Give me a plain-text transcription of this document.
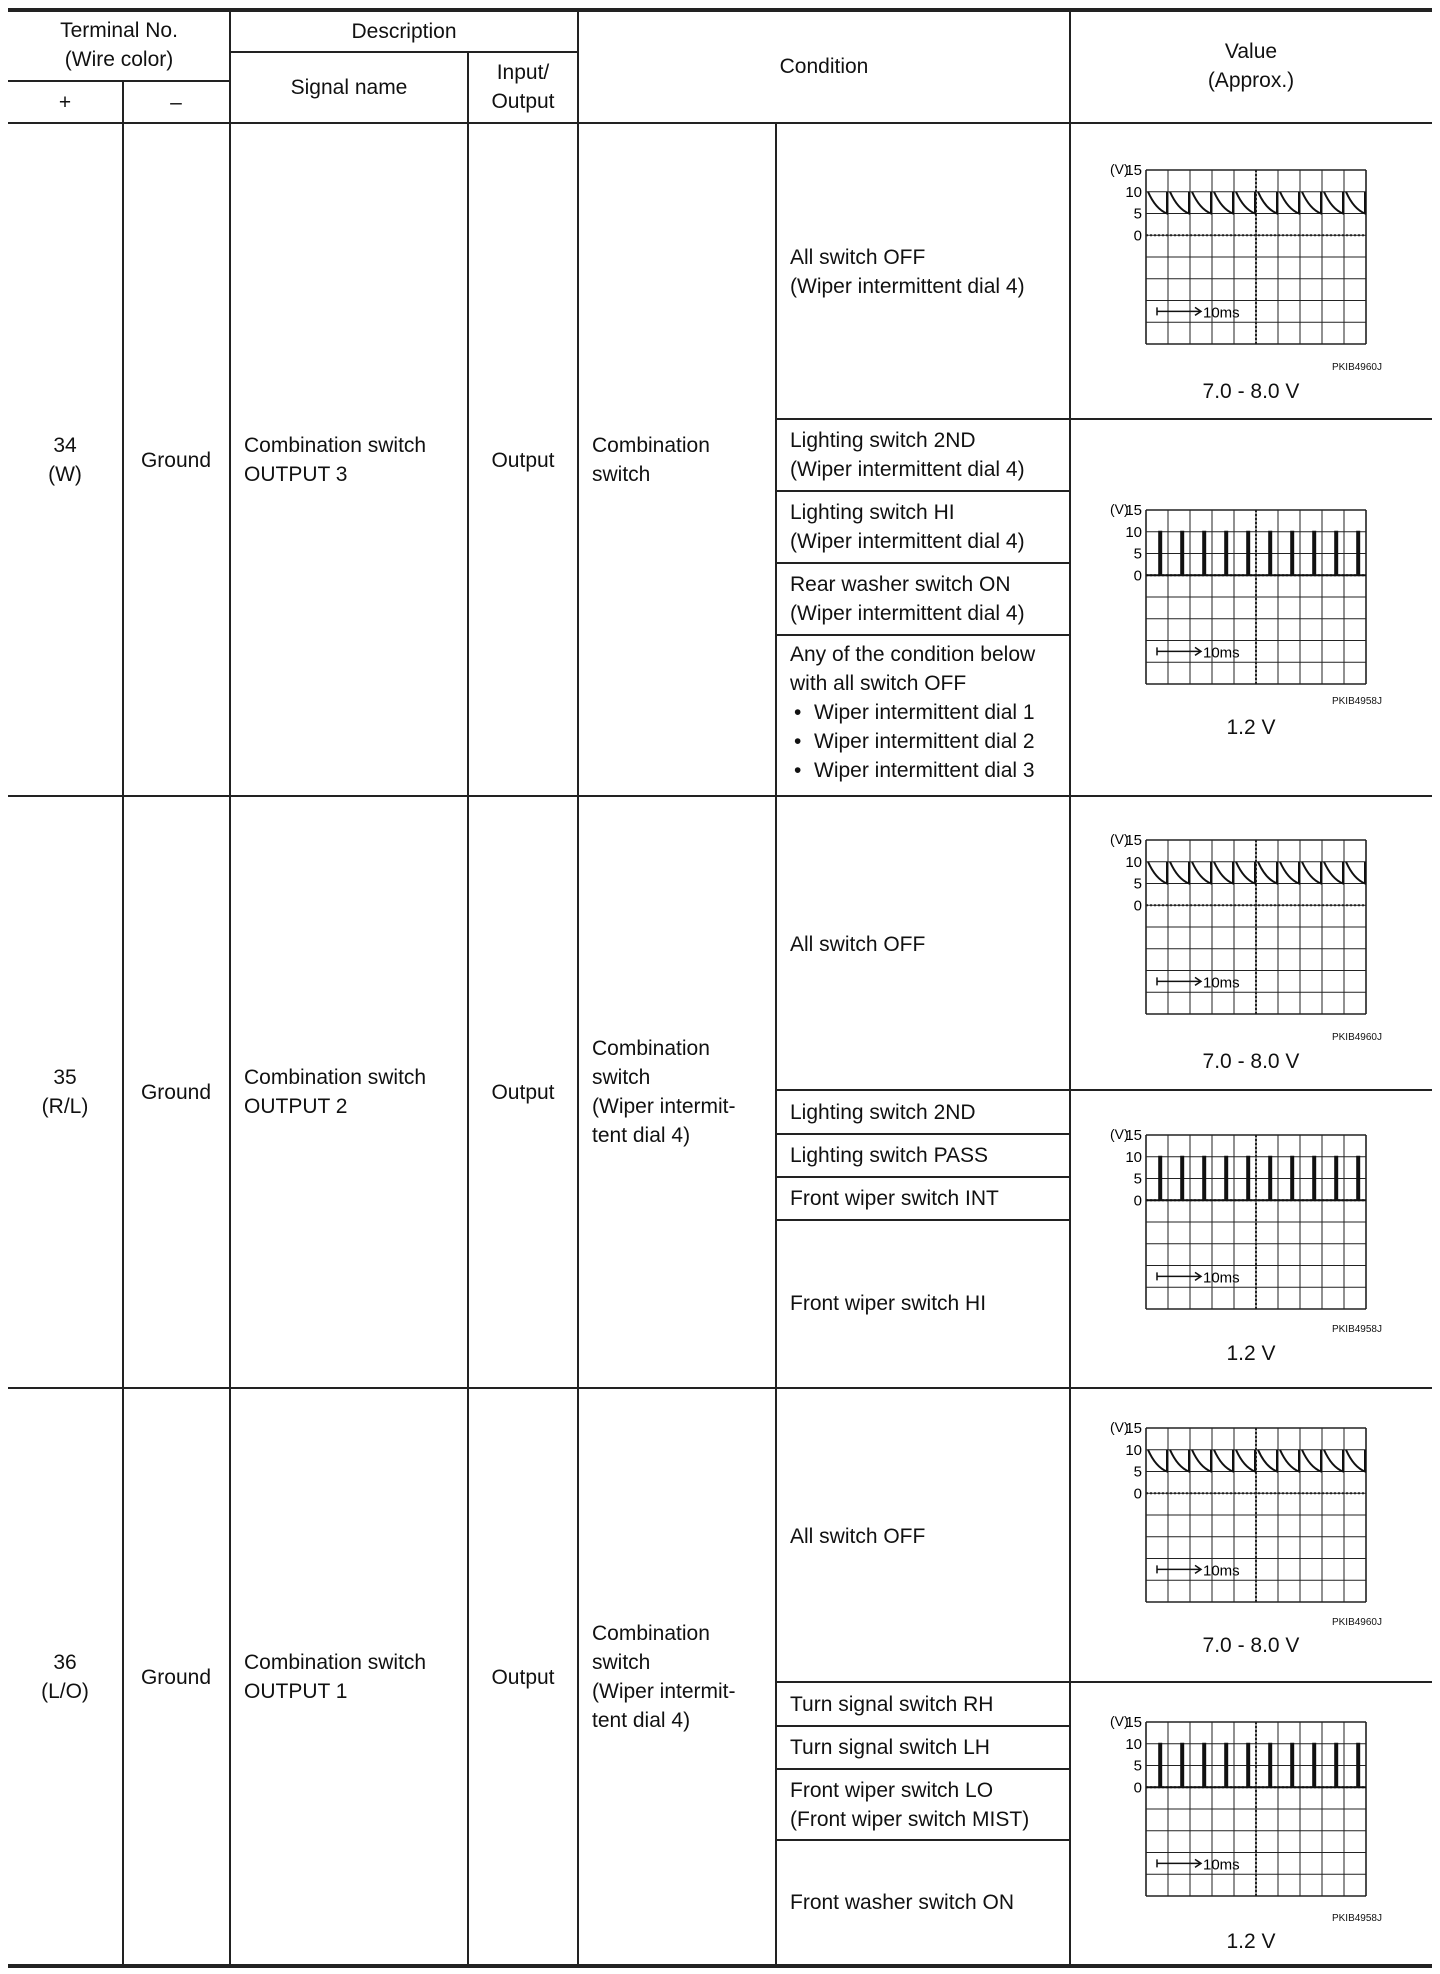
Terminal No.
(Wire color)
+	–
Description
Signal name
Input/
Output
Condition
Value
(Approx.)
34
(W)
Ground
Combination switch
OUTPUT 3
Output
Combination
switch
All switch OFF
(Wiper intermittent dial 4)
Lighting switch 2ND
(Wiper intermittent dial 4)
Lighting switch HI
(Wiper intermittent dial 4)
Rear washer switch ON
(Wiper intermittent dial 4)
Any of the condition below
with all switch OFF
• Wiper intermittent dial 1
• Wiper intermittent dial 2
• Wiper intermittent dial 3
35
(R/L)
Ground
Combination switch
OUTPUT 2
Output
Combination
switch
(Wiper intermit-
tent dial 4)
All switch OFF
Lighting switch 2ND
Lighting switch PASS
Front wiper switch INT
Front wiper switch HI
36
(L/O)
Ground
Combination switch
OUTPUT 1
Output
Combination
switch
(Wiper intermit-
tent dial 4)
All switch OFF
Turn signal switch RH
Turn signal switch LH
Front wiper switch LO
(Front wiper switch MIST)
Front washer switch ON
(V)
15
10
5
0
10ms
PKIB4960J
7.0 - 8.0 V
(V)
15
10
5
0
10ms
PKIB4958J
1.2 V
(V)
15
10
5
0
10ms
PKIB4960J
7.0 - 8.0 V
(V)
15
10
5
0
10ms
PKIB4958J
1.2 V
(V)
15
10
5
0
10ms
PKIB4960J
7.0 - 8.0 V
(V)
15
10
5
0
10ms
PKIB4958J
1.2 V
